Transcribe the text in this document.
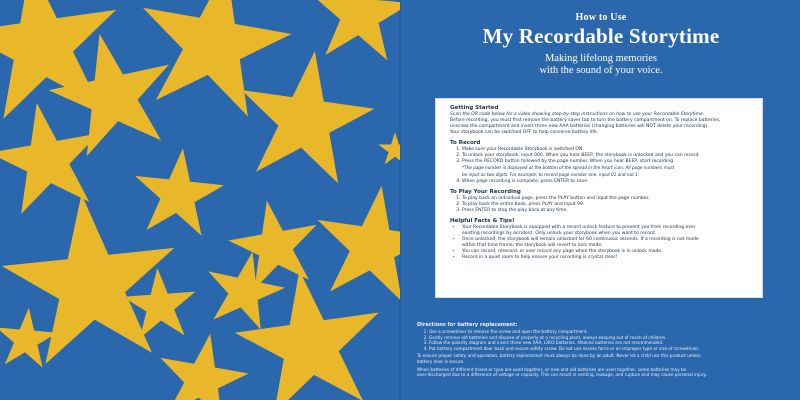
How to Use
My Recordable Storytime
Making lifelong memories
with the sound of your voice.
Getting Started
Scan the QR code below for a video showing step-by-step instructions on how to use your Recordable Storytime.
Before recording, you must first remove the battery saver tab to turn the battery compartment on. To replace batteries,
unscrew the compartment and insert three new AAA batteries (changing batteries will NOT delete your recording).
Your storybook can be switched OFF to help conserve battery life.
To Record
1. Make sure your Recordable Storybook is switched ON.
2. To unlock your storybook, input 000. When you hear BEEP, the storybook is unlocked and you can record.
3. Press the RECORD button followed by the page number. When you hear BEEP, start recording.
*The page number is displayed at the bottom of the spread in the heart icon. All page numbers must
be input as two digits. For example, to record page number one, input 01 and not 1.
4. When page recording is complete, press ENTER to save.
To Play Your Recording
1. To play back an individual page, press the PLAY button and input the page number.
2. To play back the entire book, press PLAY and input 99.
3. Press ENTER to stop the play back at any time.
Helpful Facts & Tips!
• Your Recordable Storybook is equipped with a record unlock feature to prevent you from recording over
existing recordings by accident. Only unlock your storybook when you want to record.
• Once unlocked, the storybook will remain unlocked for 60 continuous seconds. If a recording is not made
within that time frame, the storybook will revert to lock mode.
• You can record, rerecord, or over record any page when the storybook is in unlock mode.
• Record in a quiet room to help ensure your recording is crystal clear!
Directions for battery replacement:
1. Use a screwdriver to remove the screw and open the battery compartment.
2. Gently remove old batteries and dispose of properly at a recycling plant, always keeping out of reach of children.
3. Follow the polarity diagram and insert three new AAA, LR03 batteries. Alkaline batteries are not recommended.
4. Put battery compartment door back and secure safety screw. Do not use excess force or an improper type or size of screwdriver.
To ensure proper safety and operation, battery replacement must always be done by an adult. Never let a child use this product unless
battery door is secure.
When batteries of different brand or type are used together, or new and old batteries are used together, some batteries may be
over-discharged due to a difference of voltage or capacity. This can result in venting, leakage, and rupture and may cause personal injury.
